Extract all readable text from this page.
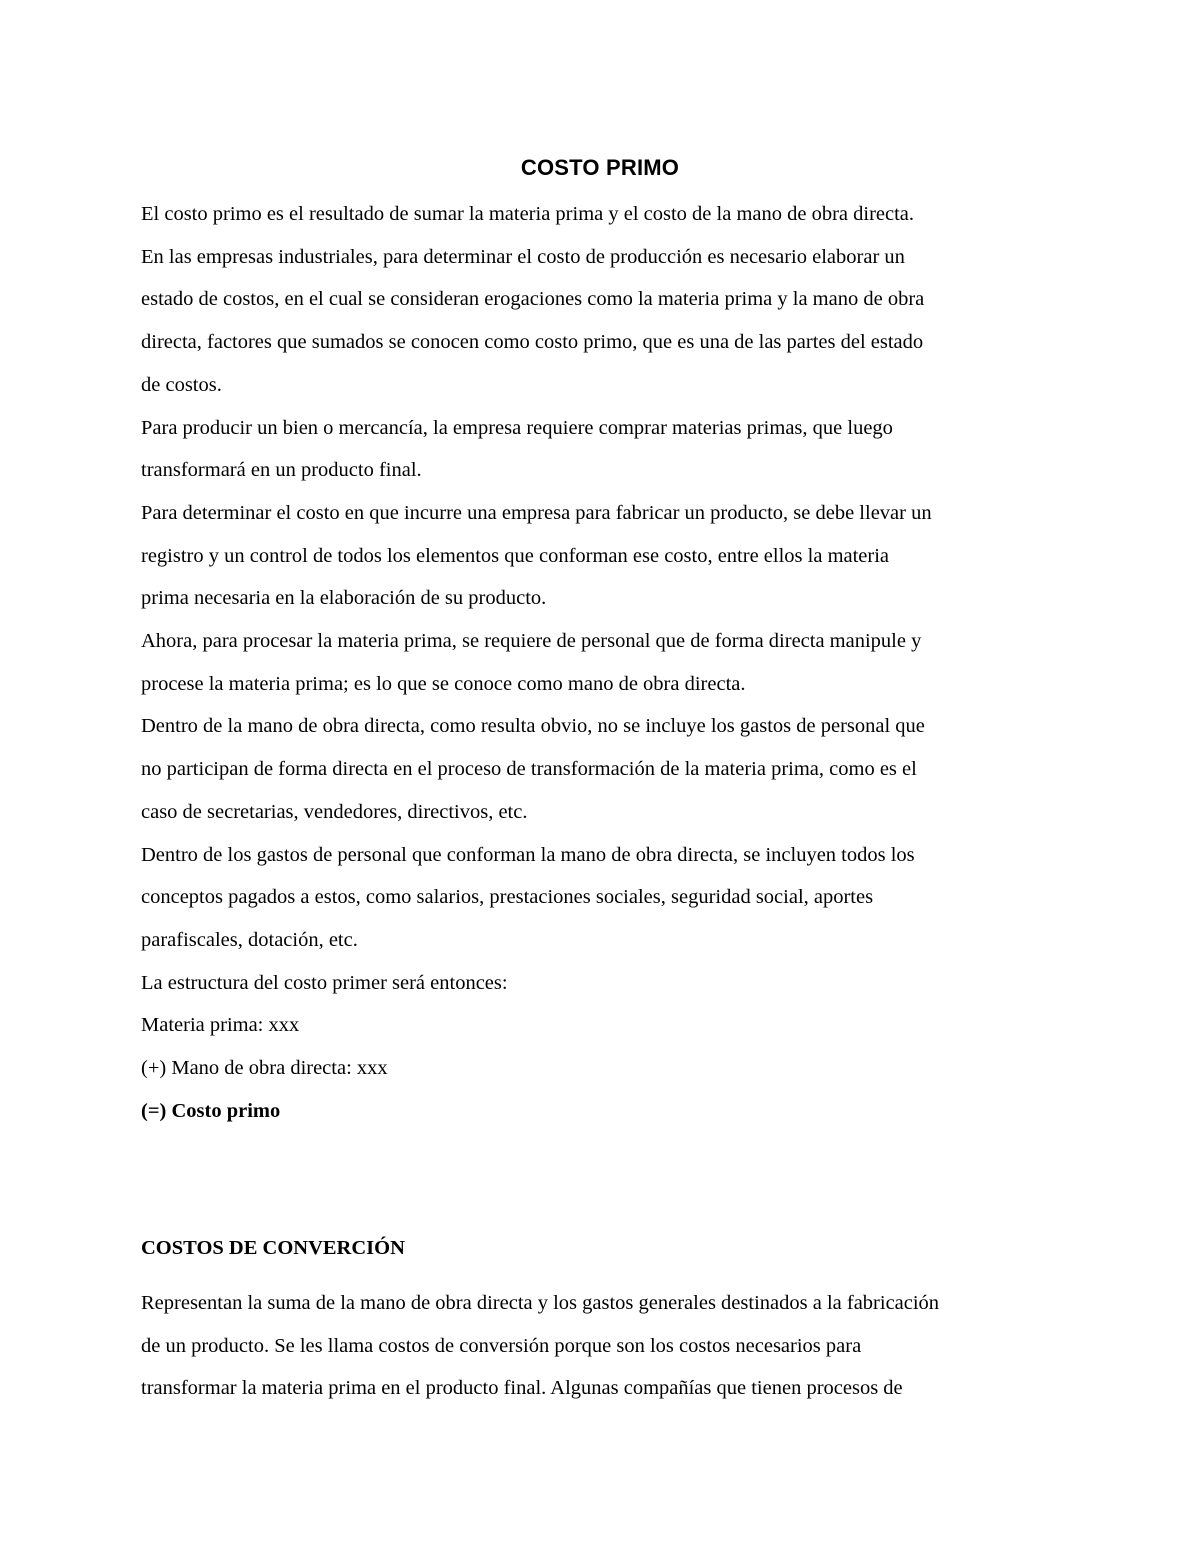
COSTO PRIMO
El costo primo es el resultado de sumar la materia prima y el costo de la mano de obra directa.
En las empresas industriales, para determinar el costo de producción es necesario elaborar un
estado de costos, en el cual se consideran erogaciones como la materia prima y la mano de obra
directa, factores que sumados se conocen como costo primo, que es una de las partes del estado
de costos.
Para producir un bien o mercancía, la empresa requiere comprar materias primas, que luego
transformará en un producto final.
Para determinar el costo en que incurre una empresa para fabricar un producto, se debe llevar un
registro y un control de todos los elementos que conforman ese costo, entre ellos la materia
prima necesaria en la elaboración de su producto.
Ahora, para procesar la materia prima, se requiere de personal que de forma directa manipule y
procese la materia prima; es lo que se conoce como mano de obra directa.
Dentro de la mano de obra directa, como resulta obvio, no se incluye los gastos de personal que
no participan de forma directa en el proceso de transformación de la materia prima, como es el
caso de secretarias, vendedores, directivos, etc.
Dentro de los gastos de personal que conforman la mano de obra directa, se incluyen todos los
conceptos pagados a estos, como salarios, prestaciones sociales, seguridad social, aportes
parafiscales, dotación, etc.
La estructura del costo primer será entonces:
Materia prima: xxx
(+) Mano de obra directa: xxx
(=) Costo primo
COSTOS DE CONVERCIÓN
Representan la suma de la mano de obra directa y los gastos generales destinados a la fabricación
de un producto. Se les llama costos de conversión porque son los costos necesarios para
transformar la materia prima en el producto final. Algunas compañías que tienen procesos de
